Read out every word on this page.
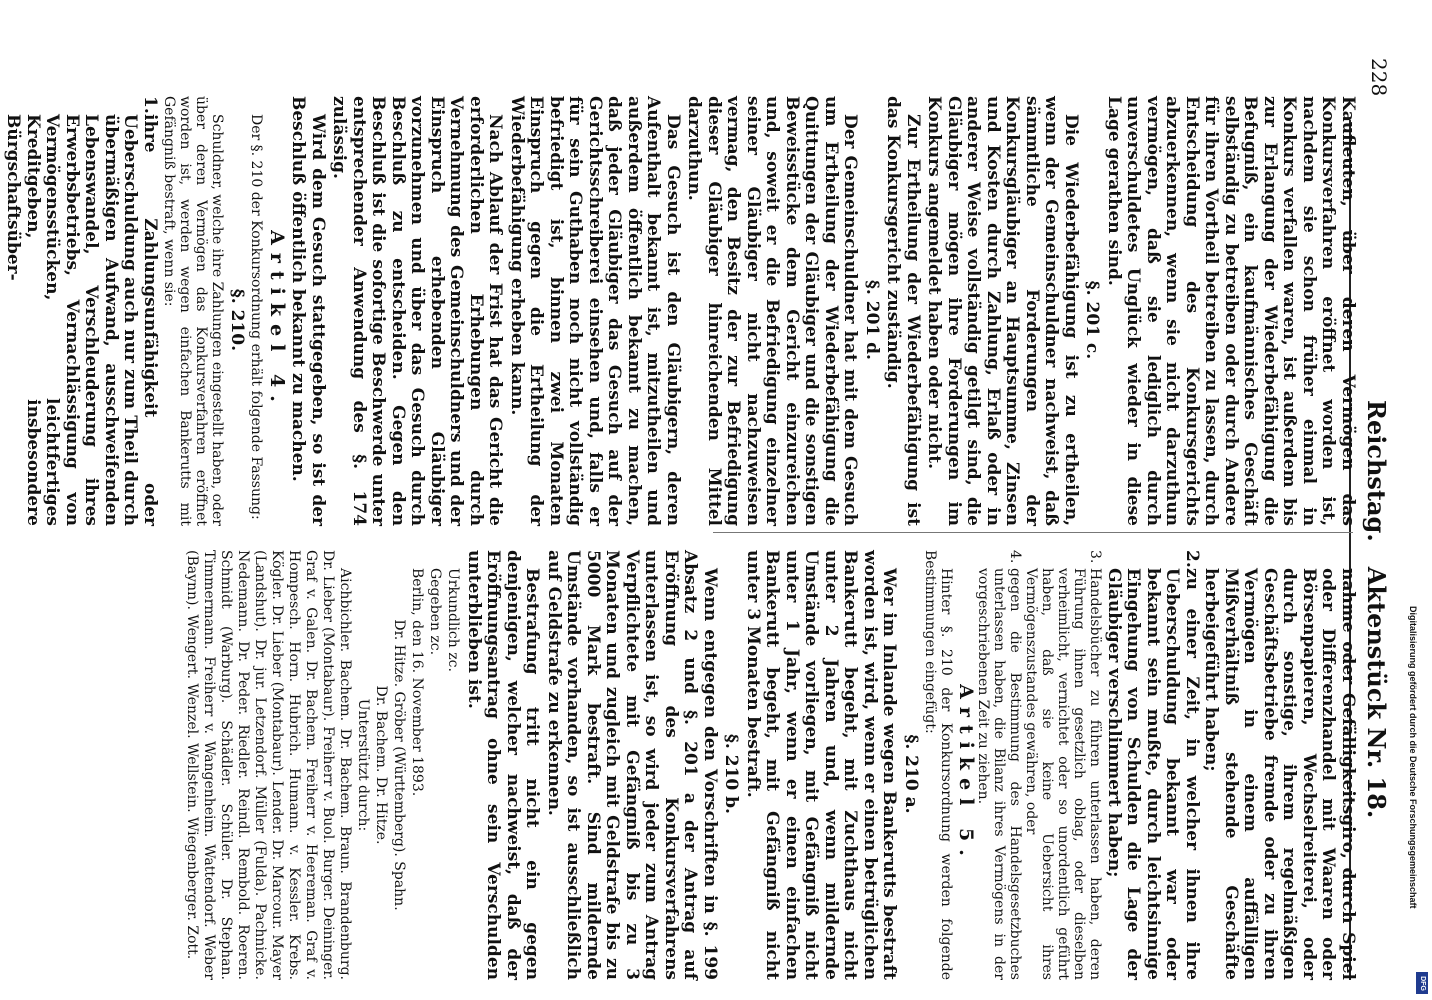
228
Reichstag.   Aktenstück Nr. 18.

Kaufleuten, über deren Vermögen das Konkursverfahren eröffnet worden ist, nachdem sie schon früher einmal in Konkurs verfallen waren, ist außerdem bis zur Erlangung der Wiederbefähigung die Befugniß, ein kaufmännisches Geschäft selbständig zu betreiben oder durch Andere für ihren Vortheil betreiben zu lassen, durch Entscheidung des Konkursgerichts abzuerkennen, wenn sie nicht darzuthun vermögen, daß sie lediglich durch unverschuldetes Unglück wieder in diese Lage gerathen sind.

§. 201 c.

Die Wiederbefähigung ist zu ertheilen, wenn der Gemeinschuldner nachweist, daß sämmtliche Forderungen der Konkursgläubiger an Hauptsumme, Zinsen und Kosten durch Zahlung, Erlaß oder in anderer Weise vollständig getilgt sind, die Gläubiger mögen ihre Forderungen im Konkurs angemeldet haben oder nicht.

Zur Ertheilung der Wiederbefähigung ist das Konkursgericht zuständig.

§. 201 d.

Der Gemeinschuldner hat mit dem Gesuch um Ertheilung der Wiederbefähigung die Quittungen der Gläubiger und die sonstigen Beweisstücke dem Gericht einzureichen und, soweit er die Befriedigung einzelner seiner Gläubiger nicht nachzuweisen vermag, den Besitz der zur Befriedigung dieser Gläubiger hinreichenden Mittel darzuthun.

Das Gesuch ist den Gläubigern, deren Aufenthalt bekannt ist, mitzutheilen und außerdem öffentlich bekannt zu machen, daß jeder Gläubiger das Gesuch auf der Gerichtsschreiberei einsehen und, falls er für sein Guthaben noch nicht vollständig befriedigt ist, binnen zwei Monaten Einspruch gegen die Ertheilung der Wiederbefähigung erheben kann.

Nach Ablauf der Frist hat das Gericht die erforderlichen Erhebungen durch Vernehmung des Gemeinschuldners und der Einspruch erhebenden Gläubiger vorzunehmen und über das Gesuch durch Beschluß zu entscheiden. Gegen den Beschluß ist die sofortige Beschwerde unter entsprechender Anwendung des §. 174 zulässig.

Wird dem Gesuch stattgegeben, so ist der Beschluß öffentlich bekannt zu machen.

Artikel 4.

Der §. 210 der Konkursordnung erhält folgende Fassung:

§. 210.

Schuldner, welche ihre Zahlungen eingestellt haben, oder über deren Vermögen das Konkursverfahren eröffnet worden ist, werden wegen einfachen Bankerutts mit Gefängniß bestraft, wenn sie:

1.
ihre Zahlungsunfähigkeit oder Ueberschuldung auch nur zum Theil durch übermäßigen Aufwand, ausschweifenden Lebenswandel, Verschleuderung ihres Erwerbsbetriebs, Vernachlässigung von Vermögensstücken, leichtfertiges Kreditgeben, insbesondere Bürgschaftsüber-
nahme oder Gefälligkeitsgiro, durch Spiel oder Differenzhandel mit Waaren oder Börsenpapieren, Wechselreiterei, oder durch sonstige, ihrem regelmäßigen Geschäftsbetriebe fremde oder zu ihren Vermögen in einem auffälligen Mißverhältniß stehende Geschäfte herbeigeführt haben;
2.
zu einer Zeit, in welcher ihnen ihre Ueberschuldung bekannt war oder bekannt sein mußte, durch leichtsinnige Eingehung von Schulden die Lage der Gläubiger verschlimmert haben;
3.
Handelsbücher zu führen unterlassen haben, deren Führung ihnen gesetzlich oblag, oder dieselben verheimlicht, vernichtet oder so unordentlich geführt haben, daß sie keine Uebersicht ihres Vermögenszustandes gewähren, oder
4.
gegen die Bestimmung des Handelsgesetzbuches unterlassen haben, die Bilanz ihres Vermögens in der vorgeschriebenen Zeit zu ziehen.

Artikel 5.

Hinter §. 210 der Konkursordnung werden folgende Bestimmungen eingefügt:

§. 210 a.

Wer im Inlande wegen Bankerutts bestraft worden ist, wird, wenn er einen betrüglichen Bankerutt begeht, mit Zuchthaus nicht unter 2 Jahren und, wenn mildernde Umstände vorliegen, mit Gefängniß nicht unter 1 Jahr, wenn er einen einfachen Bankerutt begeht, mit Gefängniß nicht unter 3 Monaten bestraft.

§. 210 b.

Wenn entgegen den Vorschriften in §. 199 Absatz 2 und §. 201 a der Antrag auf Eröffnung des Konkursverfahrens unterlassen ist, so wird jeder zum Antrag Verpflichtete mit Gefängniß bis zu 3 Monaten und zugleich mit Geldstrafe bis zu 5000 Mark bestraft. Sind mildernde Umstände vorhanden, so ist ausschließlich auf Geldstrafe zu erkennen.

Bestrafung tritt nicht ein gegen denjenigen, welcher nachweist, daß der Eröffnungsantrag ohne sein Verschulden unterblieben ist.

Urkundlich zc.

Gegeben zc.

Berlin, den 16. November 1893.

Dr. Hitze. Gröber (Württemberg). Spahn.

Dr. Bachem. Dr. Hitze.

Unterstützt durch:

Aichbichler. Bachem. Dr. Bachem. Braun. Brandenburg. Dr. Lieber (Montabaur). Freiherr v. Buol. Burger. Deininger. Graf v. Galen. Dr. Bachem. Freiherr v. Heereman. Graf v. Hompesch. Horn. Hubrich. Humann. v. Kessler. Krebs. Kögler. Dr. Lieber (Montabaur). Lender. Dr. Marcour. Mayer (Landshut). Dr. jur. Letzendorf. Müller (Fulda). Pachnicke. Nedemann. Dr. Peder. Riedler. Reindl. Rembold. Roeren. Schmidt (Warburg). Schädler. Schüler. Dr. Stephan. Timmermann. Freiherr v. Wangenheim. Wattendorf. Weber (Baynn). Wengert. Wenzel. Wellstein. Wiegenberger. Zott.	Digitalisierung gefördert durch die Deutsche Forschungsgemeinschaft
DFG
